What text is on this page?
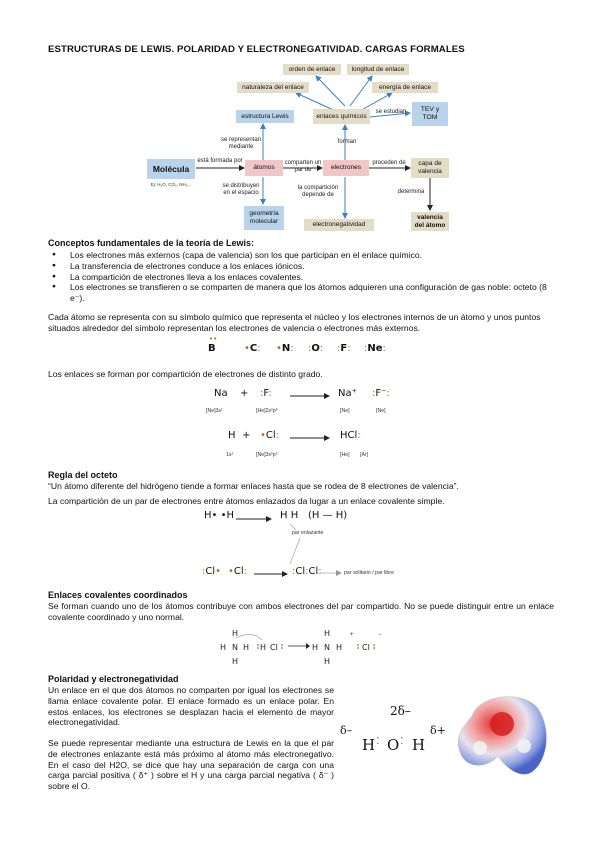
ESTRUCTURAS DE LEWIS. POLARIDAD Y ELECTRONEGATIVIDAD. CARGAS FORMALES
orden de enlace	longitud de enlace
naturaleza del enlace	energía de enlace
estructura Lewis	enlaces químicos
se estudian	TEV y TOM
se representan mediante
forman
Molécula
Ej: H₂O, CO₂, NH₃...
está formada por
átomos
comparten un par de	electrones
proceden de	capa de valencia
se distribuyen en el espacio
la compartición depende de	determina
geometría molecular	electronegatividad
valencia del átomo
Conceptos fundamentales de la teoría de Lewis:
● Los electrones más externos (capa de valencia) son los que participan en el enlace químico.
● La transferencia de electrones conduce a los enlaces iónicos.
● La compartición de electrones lleva a los enlaces covalentes.
● Los electrones se transfieren o se comparten de manera que los átomos adquieren una configuración de gas noble: octeto (8 e⁻).
Cada átomo se representa con su símbolo químico que representa el núcleo y los electrones internos de un átomo y unos puntos situados alrededor del símbolo representan los electrones de valencia o electrones más externos.
B
••
•C: •N: :O: :F: :Ne:
Los enlaces se forman por compartición de electrones de distinto grado.
Na + :F:	Na⁺ :F⁻:
[Ne]3s¹	[He]2s²p⁵	[Ne]	[Ne]
H + •Cl:	HCl:
1s¹	[Ne]3s²p⁵	[He] [Ar]
Regla del octeto
“Un átomo diferente del hidrógeno tiende a formar enlaces hasta que se rodea de 8 electrones de valencia”.
La compartición de un par de electrones entre átomos enlazados da lugar a un enlace covalente simple.
H• •H	H H (H — H)
par enlazante
:Cl• •Cl:	:Cl:Cl:	par solitario / par libre
Enlaces covalentes coordinados
Se forman cuando uno de los átomos contribuye con ambos electrones del par compartido. No se puede distinguir entre un enlace covalente coordinado y uno normal.
H
H N H
H
H Cl
H
H N H
H
Cl
+	−
Polaridad y electronegatividad
Un enlace en el que dos átomos no comparten por igual los electrones se llama enlace covalente polar. El enlace formado es un enlace polar. En estos enlaces, los electrones se desplazan hacia el elemento de mayor electronegatividad.
Se puede representar mediante una estructura de Lewis en la que el par de electrones enlazante está más próximo al átomo más electronegativo. En el caso del H2O, se dice que hay una separación de carga con una carga parcial positiva ( δ⁺ ) sobre el H y una carga parcial negativa ( δ⁻ ) sobre el O.
2δ–
δ–
H : O : H
δ+
